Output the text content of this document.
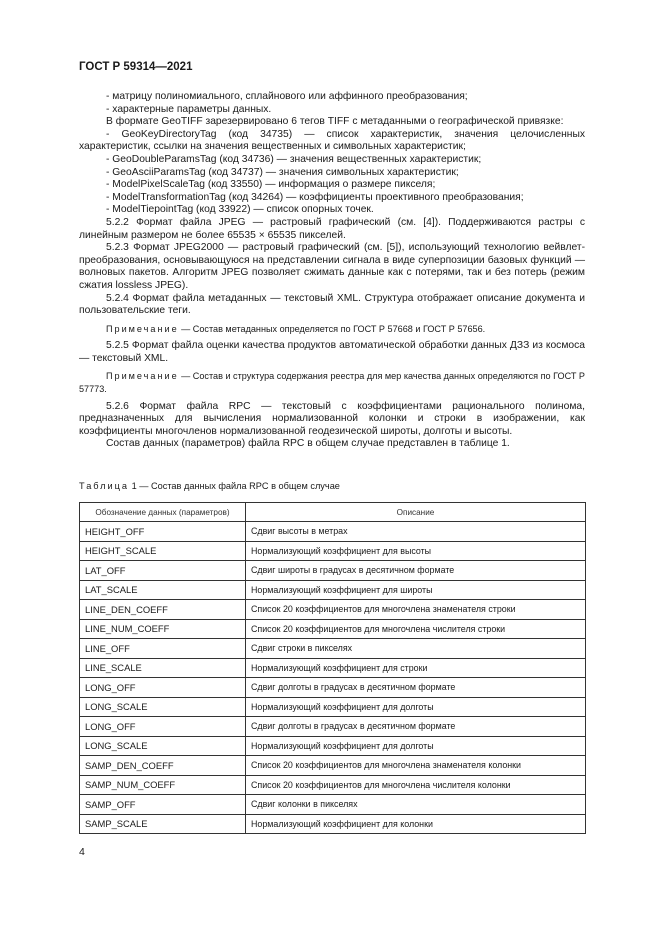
ГОСТ Р 59314—2021

- матрицу полиномиального, сплайнового или аффинного преобразования;

- характерные параметры данных.

В формате GeoTIFF зарезервировано 6 тегов TIFF с метаданными о географической привязке:

- GeoKeyDirectoryTag (код 34735) — список характеристик, значения целочисленных характеристик, ссылки на значения вещественных и символьных характеристик;

- GeoDoubleParamsTag (код 34736) — значения вещественных характеристик;

- GeoAsciiParamsTag (код 34737) — значения символьных характеристик;

- ModelPixelScaleTag (код 33550) — информация о размере пикселя;

- ModelTransformationTag (код 34264) — коэффициенты проективного преобразования;

- ModelTiepointTag (код 33922) — список опорных точек.

5.2.2 Формат файла JPEG — растровый графический (см. [4]). Поддерживаются растры с линейным размером не более 65535 × 65535 пикселей.

5.2.3 Формат JPEG2000 — растровый графический (см. [5]), использующий технологию вейвлет-преобразования, основывающуюся на представлении сигнала в виде суперпозиции базовых функций — волновых пакетов. Алгоритм JPEG позволяет сжимать данные как с потерями, так и без потерь (режим сжатия lossless JPEG).

5.2.4 Формат файла метаданных — текстовый XML. Структура отображает описание документа и пользовательские теги.

Примечание — Состав метаданных определяется по ГОСТ Р 57668 и ГОСТ Р 57656.

5.2.5 Формат файла оценки качества продуктов автоматической обработки данных ДЗЗ из космоса — текстовый XML.

Примечание — Состав и структура содержания реестра для мер качества данных определяются по ГОСТ Р 57773.

5.2.6 Формат файла RPC — текстовый с коэффициентами рационального полинома, предназначенных для вычисления нормализованной колонки и строки в изображении, как коэффициенты многочленов нормализованной геодезической широты, долготы и высоты.

Состав данных (параметров) файла RPC в общем случае представлен в таблице 1.

Таблица 1 — Состав данных файла RPC в общем случае
Обозначение данных (параметров)	Описание
HEIGHT_OFF	Сдвиг высоты в метрах
HEIGHT_SCALE	Нормализующий коэффициент для высоты
LAT_OFF	Сдвиг широты в градусах в десятичном формате
LAT_SCALE	Нормализующий коэффициент для широты
LINE_DEN_COEFF	Список 20 коэффициентов для многочлена знаменателя строки
LINE_NUM_COEFF	Список 20 коэффициентов для многочлена числителя строки
LINE_OFF	Сдвиг строки в пикселях
LINE_SCALE	Нормализующий коэффициент для строки
LONG_OFF	Сдвиг долготы в градусах в десятичном формате
LONG_SCALE	Нормализующий коэффициент для долготы
LONG_OFF	Сдвиг долготы в градусах в десятичном формате
LONG_SCALE	Нормализующий коэффициент для долготы
SAMP_DEN_COEFF	Список 20 коэффициентов для многочлена знаменателя колонки
SAMP_NUM_COEFF	Список 20 коэффициентов для многочлена числителя колонки
SAMP_OFF	Сдвиг колонки в пикселях
SAMP_SCALE	Нормализующий коэффициент для колонки
4
